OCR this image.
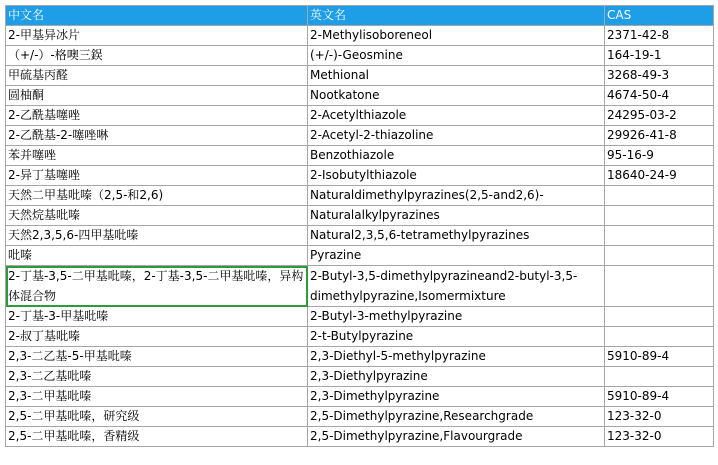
中文名	英文名	CAS
2-甲基异冰片	2-Methylisoboreneol	2371-42-8
（+/-）-格噢三鋘	(+/-)-Geosmine	164-19-1
甲硫基丙醛	Methional	3268-49-3
圆柚酮	Nootkatone	4674-50-4
2-乙酰基噻唑	2-Acetylthiazole	24295-03-2
2-乙酰基-2-噻唑啉	2-Acetyl-2-thiazoline	29926-41-8
苯并噻唑	Benzothiazole	95-16-9
2-异丁基噻唑	2-Isobutylthiazole	18640-24-9
天然二甲基吡嗪（2,5-和2,6)	Naturaldimethylpyrazines(2,5-and2,6)-	
天然烷基吡嗪	Naturalalkylpyrazines	
天然2,3,5,6-四甲基吡嗪	Natural2,3,5,6-tetramethylpyrazines	
吡嗪	Pyrazine	
2-丁基-3,5-二甲基吡嗪，2-丁基-3,5-二甲基吡嗪，异构体混合物	2-Butyl-3,5-dimethylpyrazineand2-butyl-3,5-dimethylpyrazine,Isomermixture	
2-丁基-3-甲基吡嗪	2-Butyl-3-methylpyrazine	
2-叔丁基吡嗪	2-t-Butylpyrazine	
2,3-二乙基-5-甲基吡嗪	2,3-Diethyl-5-methylpyrazine	5910-89-4
2,3-二乙基吡嗪	2,3-Diethylpyrazine	
2,3-二甲基吡嗪	2,3-Dimethylpyrazine	5910-89-4
2,5-二甲基吡嗪，研究级	2,5-Dimethylpyrazine,Researchgrade	123-32-0
2,5-二甲基吡嗪，香精级	2,5-Dimethylpyrazine,Flavourgrade	123-32-0
